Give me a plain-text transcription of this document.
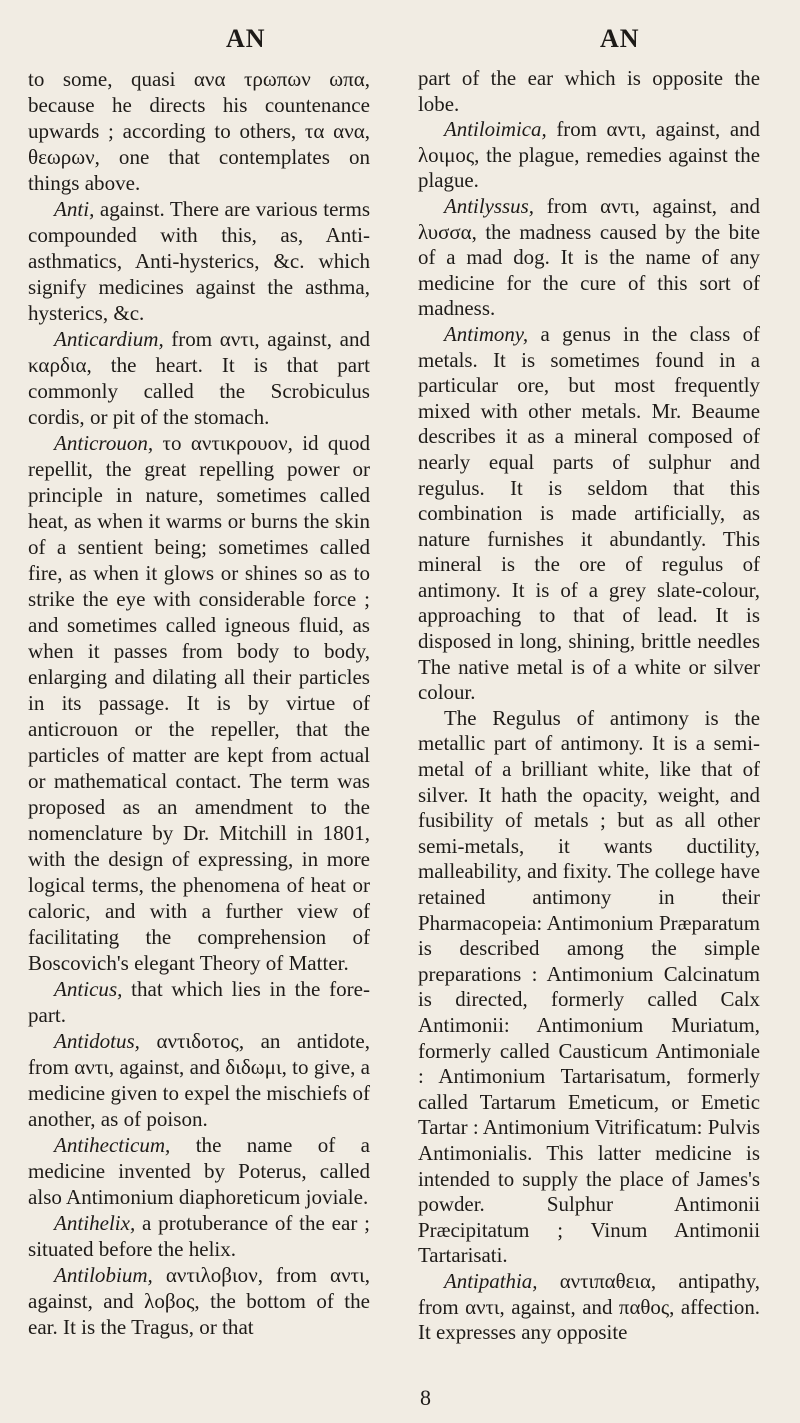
AN	AN

to some, quasi ανα τρωπων ωπα, because he directs his countenance upwards ; according to others, τα ανα, θεωρων, one that contemplates on things above.

Anti, against. There are various terms compounded with this, as, Anti-asthmatics, Anti-hysterics, &c. which signify medicines against the asthma, hysterics, &c.

Anticardium, from αντι, against, and καρδια, the heart. It is that part commonly called the Scrobiculus cordis, or pit of the stomach.

Anticrouon, το αντικρουον, id quod repellit, the great repelling power or principle in nature, sometimes called heat, as when it warms or burns the skin of a sentient being; sometimes called fire, as when it glows or shines so as to strike the eye with considerable force ; and sometimes called igneous fluid, as when it passes from body to body, enlarging and dilating all their particles in its passage. It is by virtue of anticrouon or the repeller, that the particles of matter are kept from actual or mathematical contact. The term was proposed as an amendment to the nomenclature by Dr. Mitchill in 1801, with the design of expressing, in more logical terms, the phenomena of heat or caloric, and with a further view of facilitating the comprehension of Boscovich's elegant Theory of Matter.

Anticus, that which lies in the fore-part.

Antidotus, αντιδοτος, an antidote, from αντι, against, and διδωμι, to give, a medicine given to expel the mischiefs of another, as of poison.

Antihecticum, the name of a medicine invented by Poterus, called also Antimonium diaphoreticum joviale.

Antihelix, a protuberance of the ear ; situated before the helix.

Antilobium, αντιλοβιον, from αντι, against, and λοβος, the bottom of the ear. It is the Tragus, or that

part of the ear which is opposite the lobe.

Antiloimica, from αντι, against, and λοιμος, the plague, remedies against the plague.

Antilyssus, from αντι, against, and λυσσα, the madness caused by the bite of a mad dog. It is the name of any medicine for the cure of this sort of madness.

Antimony, a genus in the class of metals. It is sometimes found in a particular ore, but most frequently mixed with other metals. Mr. Beaume describes it as a mineral composed of nearly equal parts of sulphur and regulus. It is seldom that this combination is made artificially, as nature furnishes it abundantly. This mineral is the ore of regulus of antimony. It is of a grey slate-colour, approaching to that of lead. It is disposed in long, shining, brittle needles The native metal is of a white or silver colour.

The Regulus of antimony is the metallic part of antimony. It is a semi-metal of a brilliant white, like that of silver. It hath the opacity, weight, and fusibility of metals ; but as all other semi-metals, it wants ductility, malleability, and fixity. The college have retained antimony in their Pharmacopeia: Antimonium Præparatum is described among the simple preparations : Antimonium Calcinatum is directed, formerly called Calx Antimonii: Antimonium Muriatum, formerly called Causticum Antimoniale : Antimonium Tartarisatum, formerly called Tartarum Emeticum, or Emetic Tartar : Antimonium Vitrificatum: Pulvis Antimonialis. This latter medicine is intended to supply the place of James's powder. Sulphur Antimonii Præcipitatum ; Vinum Antimonii Tartarisati.

Antipathia, αντιπαθεια, antipathy, from αντι, against, and παθος, affection. It expresses any opposite

8
